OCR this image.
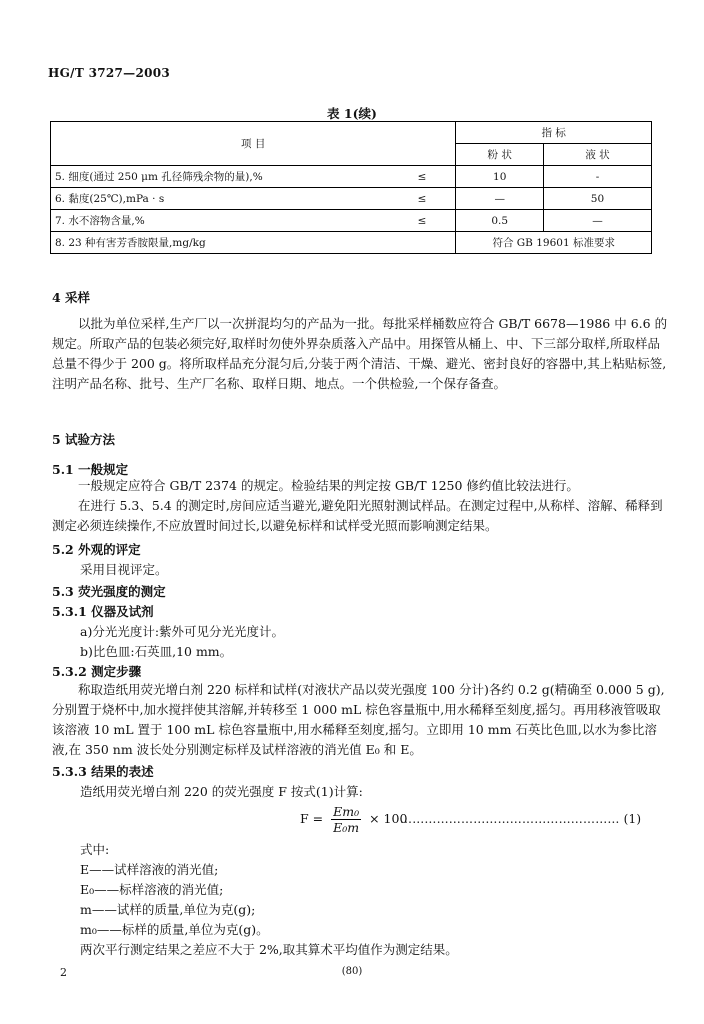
HG/T 3727—2003
表 1(续)
项 目		指 标	
		粉 状	液 状
5. 细度(通过 250 μm 孔径筛残余物的量),%	≤	10	-
6. 黏度(25℃),mPa · s	≤	—	50
7. 水不溶物含量,%	≤	0.5	—
8. 23 种有害芳香胺限量,mg/kg		符合 GB 19601 标准要求	
4 采样
以批为单位采样,生产厂以一次拼混均匀的产品为一批。每批采样桶数应符合 GB/T 6678—1986 中 6.6 的规定。所取产品的包装必须完好,取样时勿使外界杂质落入产品中。用探管从桶上、中、下三部分取样,所取样品总量不得少于 200 g。将所取样品充分混匀后,分装于两个清洁、干燥、避光、密封良好的容器中,其上粘贴标签,注明产品名称、批号、生产厂名称、取样日期、地点。一个供检验,一个保存备查。
5 试验方法
5.1 一般规定
一般规定应符合 GB/T 2374 的规定。检验结果的判定按 GB/T 1250 修约值比较法进行。
在进行 5.3、5.4 的测定时,房间应适当避光,避免阳光照射测试样品。在测定过程中,从称样、溶解、稀释到测定必须连续操作,不应放置时间过长,以避免标样和试样受光照而影响测定结果。
5.2 外观的评定
采用目视评定。
5.3 荧光强度的测定
5.3.1 仪器及试剂
a)分光光度计:紫外可见分光光度计。
b)比色皿:石英皿,10 mm。
5.3.2 测定步骤
称取造纸用荧光增白剂 220 标样和试样(对液状产品以荧光强度 100 分计)各约 0.2 g(精确至 0.000 5 g),分别置于烧杯中,加水搅拌使其溶解,并转移至 1 000 mL 棕色容量瓶中,用水稀释至刻度,摇匀。再用移液管吸取该溶液 10 mL 置于 100 mL 棕色容量瓶中,用水稀释至刻度,摇匀。立即用 10 mm 石英比色皿,以水为参比溶液,在 350 nm 波长处分别测定标样及试样溶液的消光值 E₀ 和 E。
5.3.3 结果的表述
造纸用荧光增白剂 220 的荧光强度 F 按式(1)计算:
$F = \frac{\text{Em₀}}{\text{E₀m}} \times 100$
……………………………………………… (1)
式中:
E——试样溶液的消光值;
E₀——标样溶液的消光值;
m——试样的质量,单位为克(g);
m₀——标样的质量,单位为克(g)。
两次平行测定结果之差应不大于 2%,取其算术平均值作为测定结果。
2	(80)
